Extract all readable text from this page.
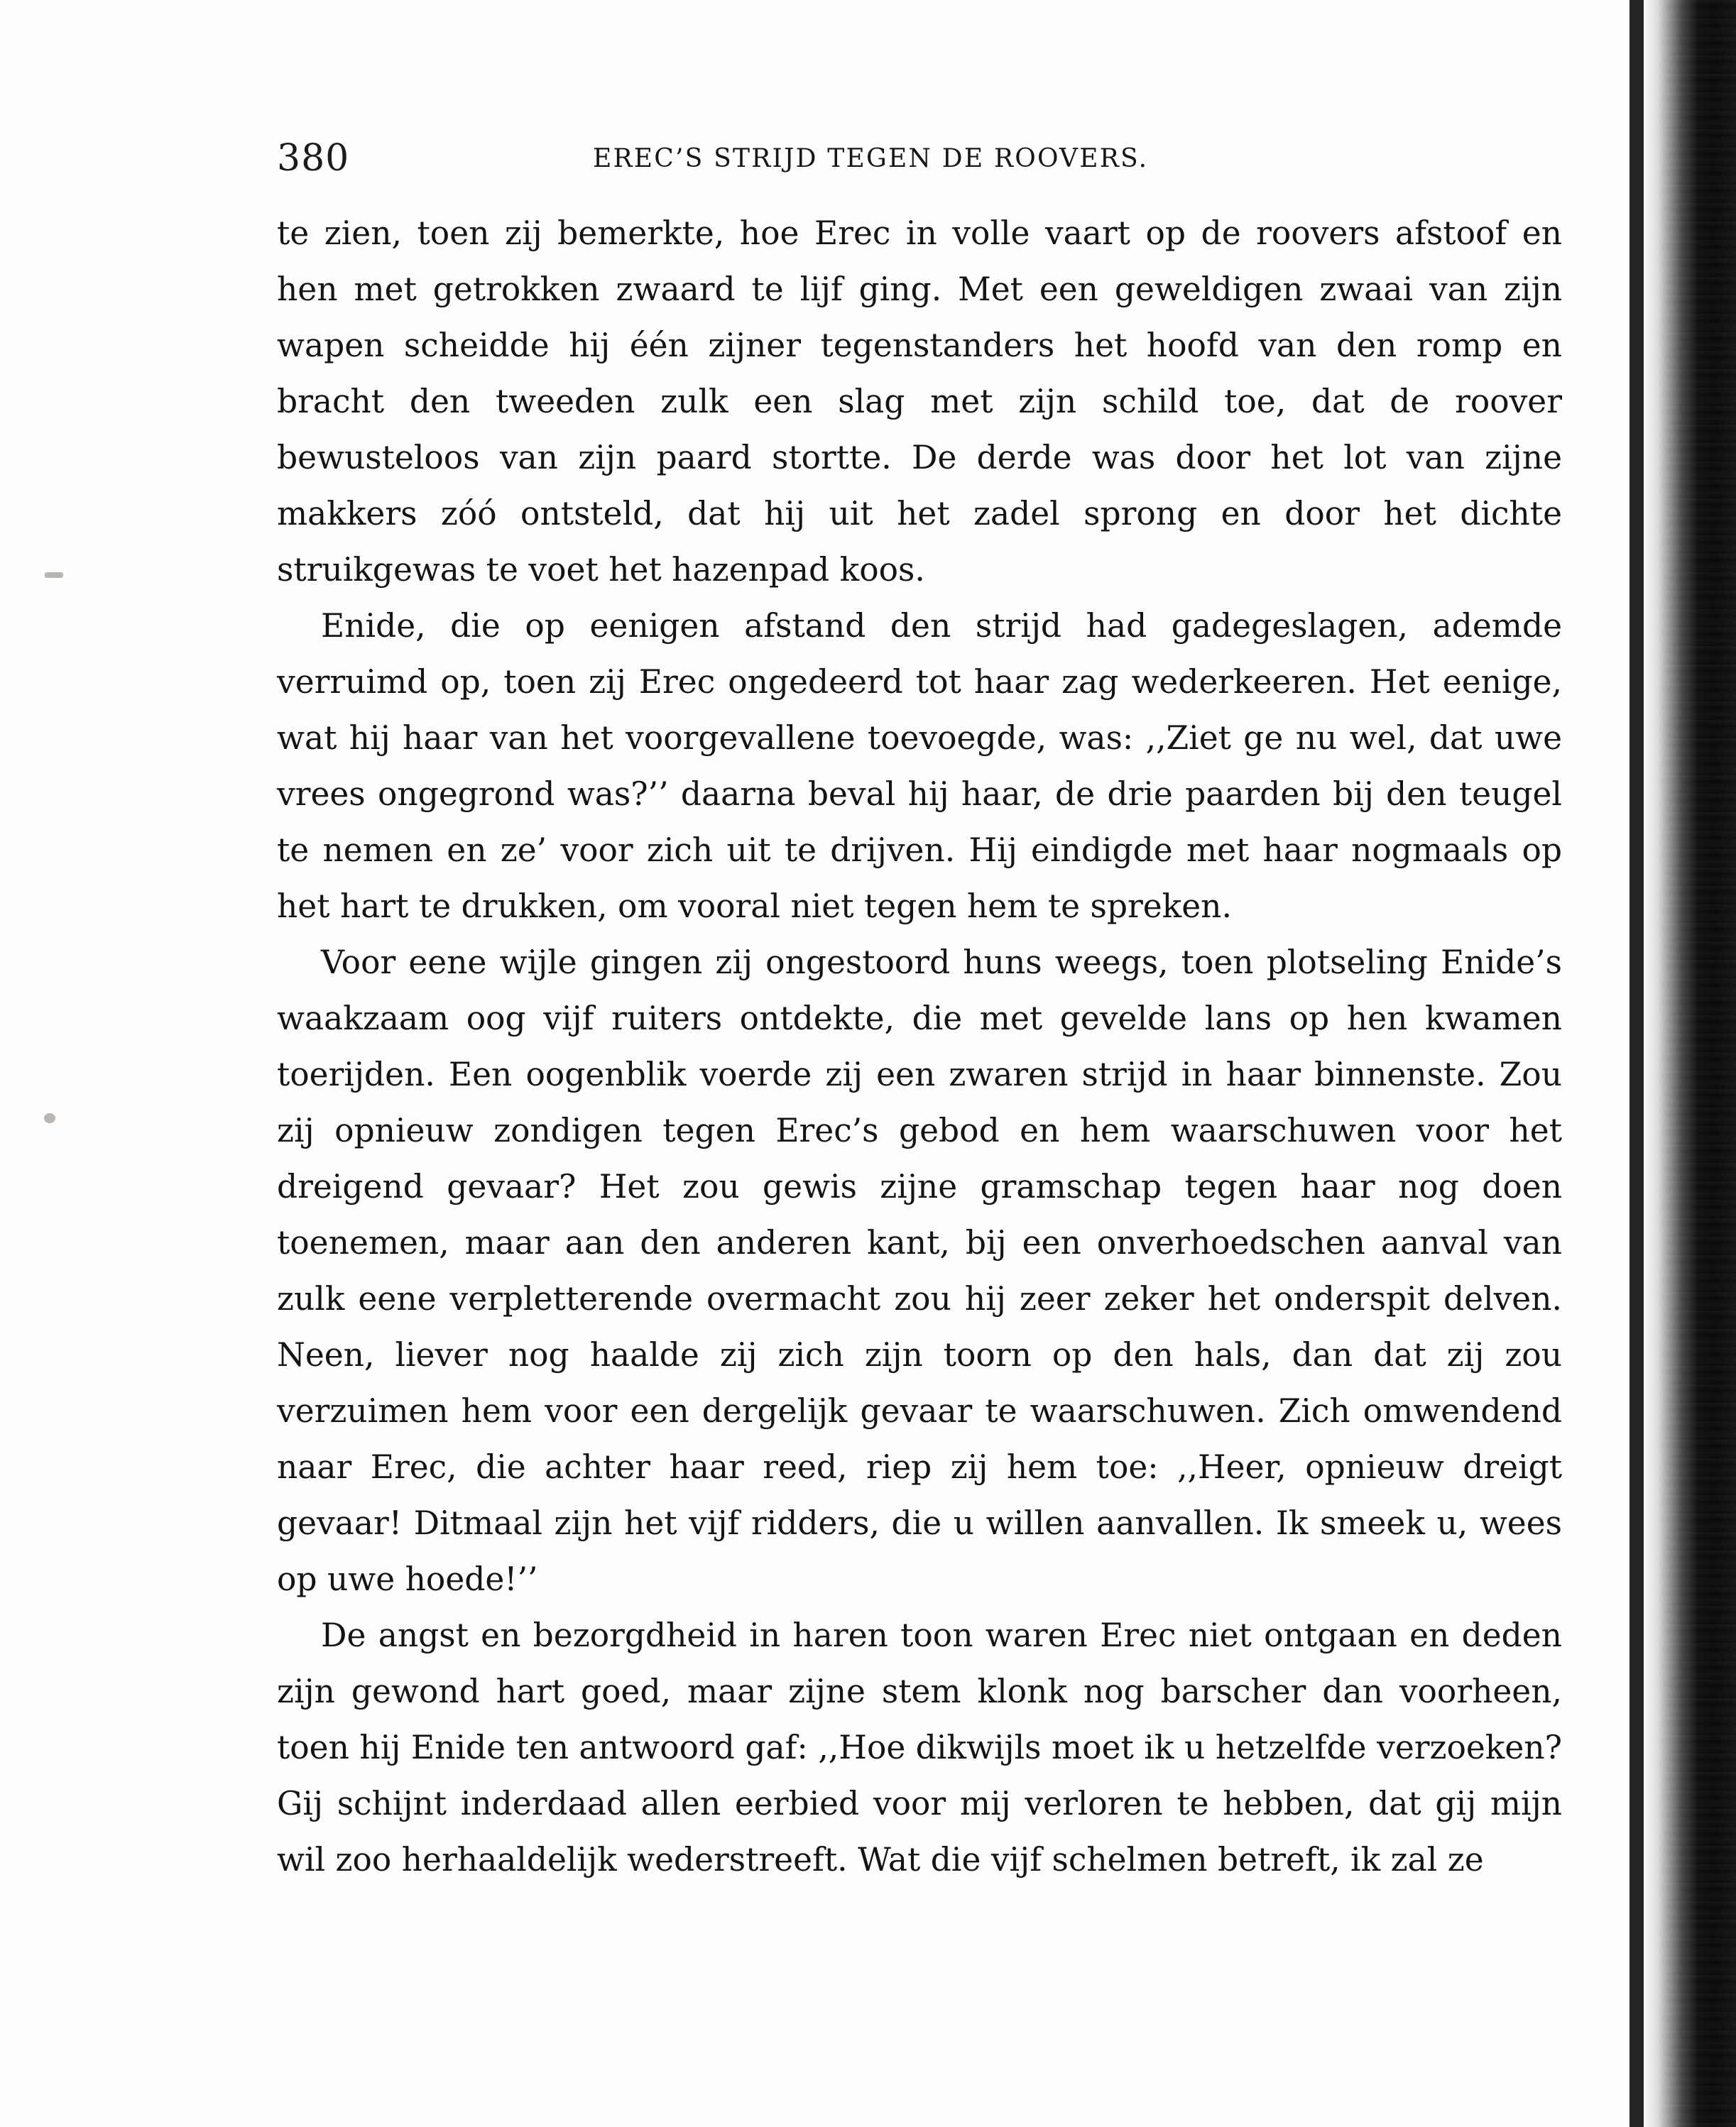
380	EREC’S STRIJD TEGEN DE ROOVERS.

te zien, toen zij bemerkte, hoe Erec in volle vaart op de roovers afstoof en hen met getrokken zwaard te lijf ging. Met een geweldigen zwaai van zijn wapen scheidde hij één zijner tegenstanders het hoofd van den romp en bracht den tweeden zulk een slag met zijn schild toe, dat de roover bewusteloos van zijn paard stortte. De derde was door het lot van zijne makkers zóó ontsteld, dat hij uit het zadel sprong en door het dichte struikgewas te voet het hazenpad koos.

Enide, die op eenigen afstand den strijd had gadegeslagen, ademde verruimd op, toen zij Erec ongedeerd tot haar zag wederkeeren. Het eenige, wat hij haar van het voorgevallene toevoegde, was: ,,Ziet ge nu wel, dat uwe vrees ongegrond was?’’ daarna beval hij haar, de drie paarden bij den teugel te nemen en ze’ voor zich uit te drijven. Hij eindigde met haar nogmaals op het hart te drukken, om vooral niet tegen hem te spreken.

Voor eene wijle gingen zij ongestoord huns weegs, toen plotseling Enide’s waakzaam oog vijf ruiters ontdekte, die met gevelde lans op hen kwamen toerijden. Een oogenblik voerde zij een zwaren strijd in haar binnenste. Zou zij opnieuw zondigen tegen Erec’s gebod en hem waarschuwen voor het dreigend gevaar? Het zou gewis zijne gramschap tegen haar nog doen toenemen, maar aan den anderen kant, bij een onverhoedschen aanval van zulk eene verpletterende overmacht zou hij zeer zeker het onderspit delven. Neen, liever nog haalde zij zich zijn toorn op den hals, dan dat zij zou verzuimen hem voor een dergelijk gevaar te waarschuwen. Zich omwendend naar Erec, die achter haar reed, riep zij hem toe: ,,Heer, opnieuw dreigt gevaar! Ditmaal zijn het vijf ridders, die u willen aanvallen. Ik smeek u, wees op uwe hoede!’’

De angst en bezorgdheid in haren toon waren Erec niet ontgaan en deden zijn gewond hart goed, maar zijne stem klonk nog barscher dan voorheen, toen hij Enide ten antwoord gaf: ,,Hoe dikwijls moet ik u hetzelfde verzoeken? Gij schijnt inderdaad allen eerbied voor mij verloren te hebben, dat gij mijn wil zoo herhaaldelijk wederstreeft. Wat die vijf schelmen betreft, ik zal ze
